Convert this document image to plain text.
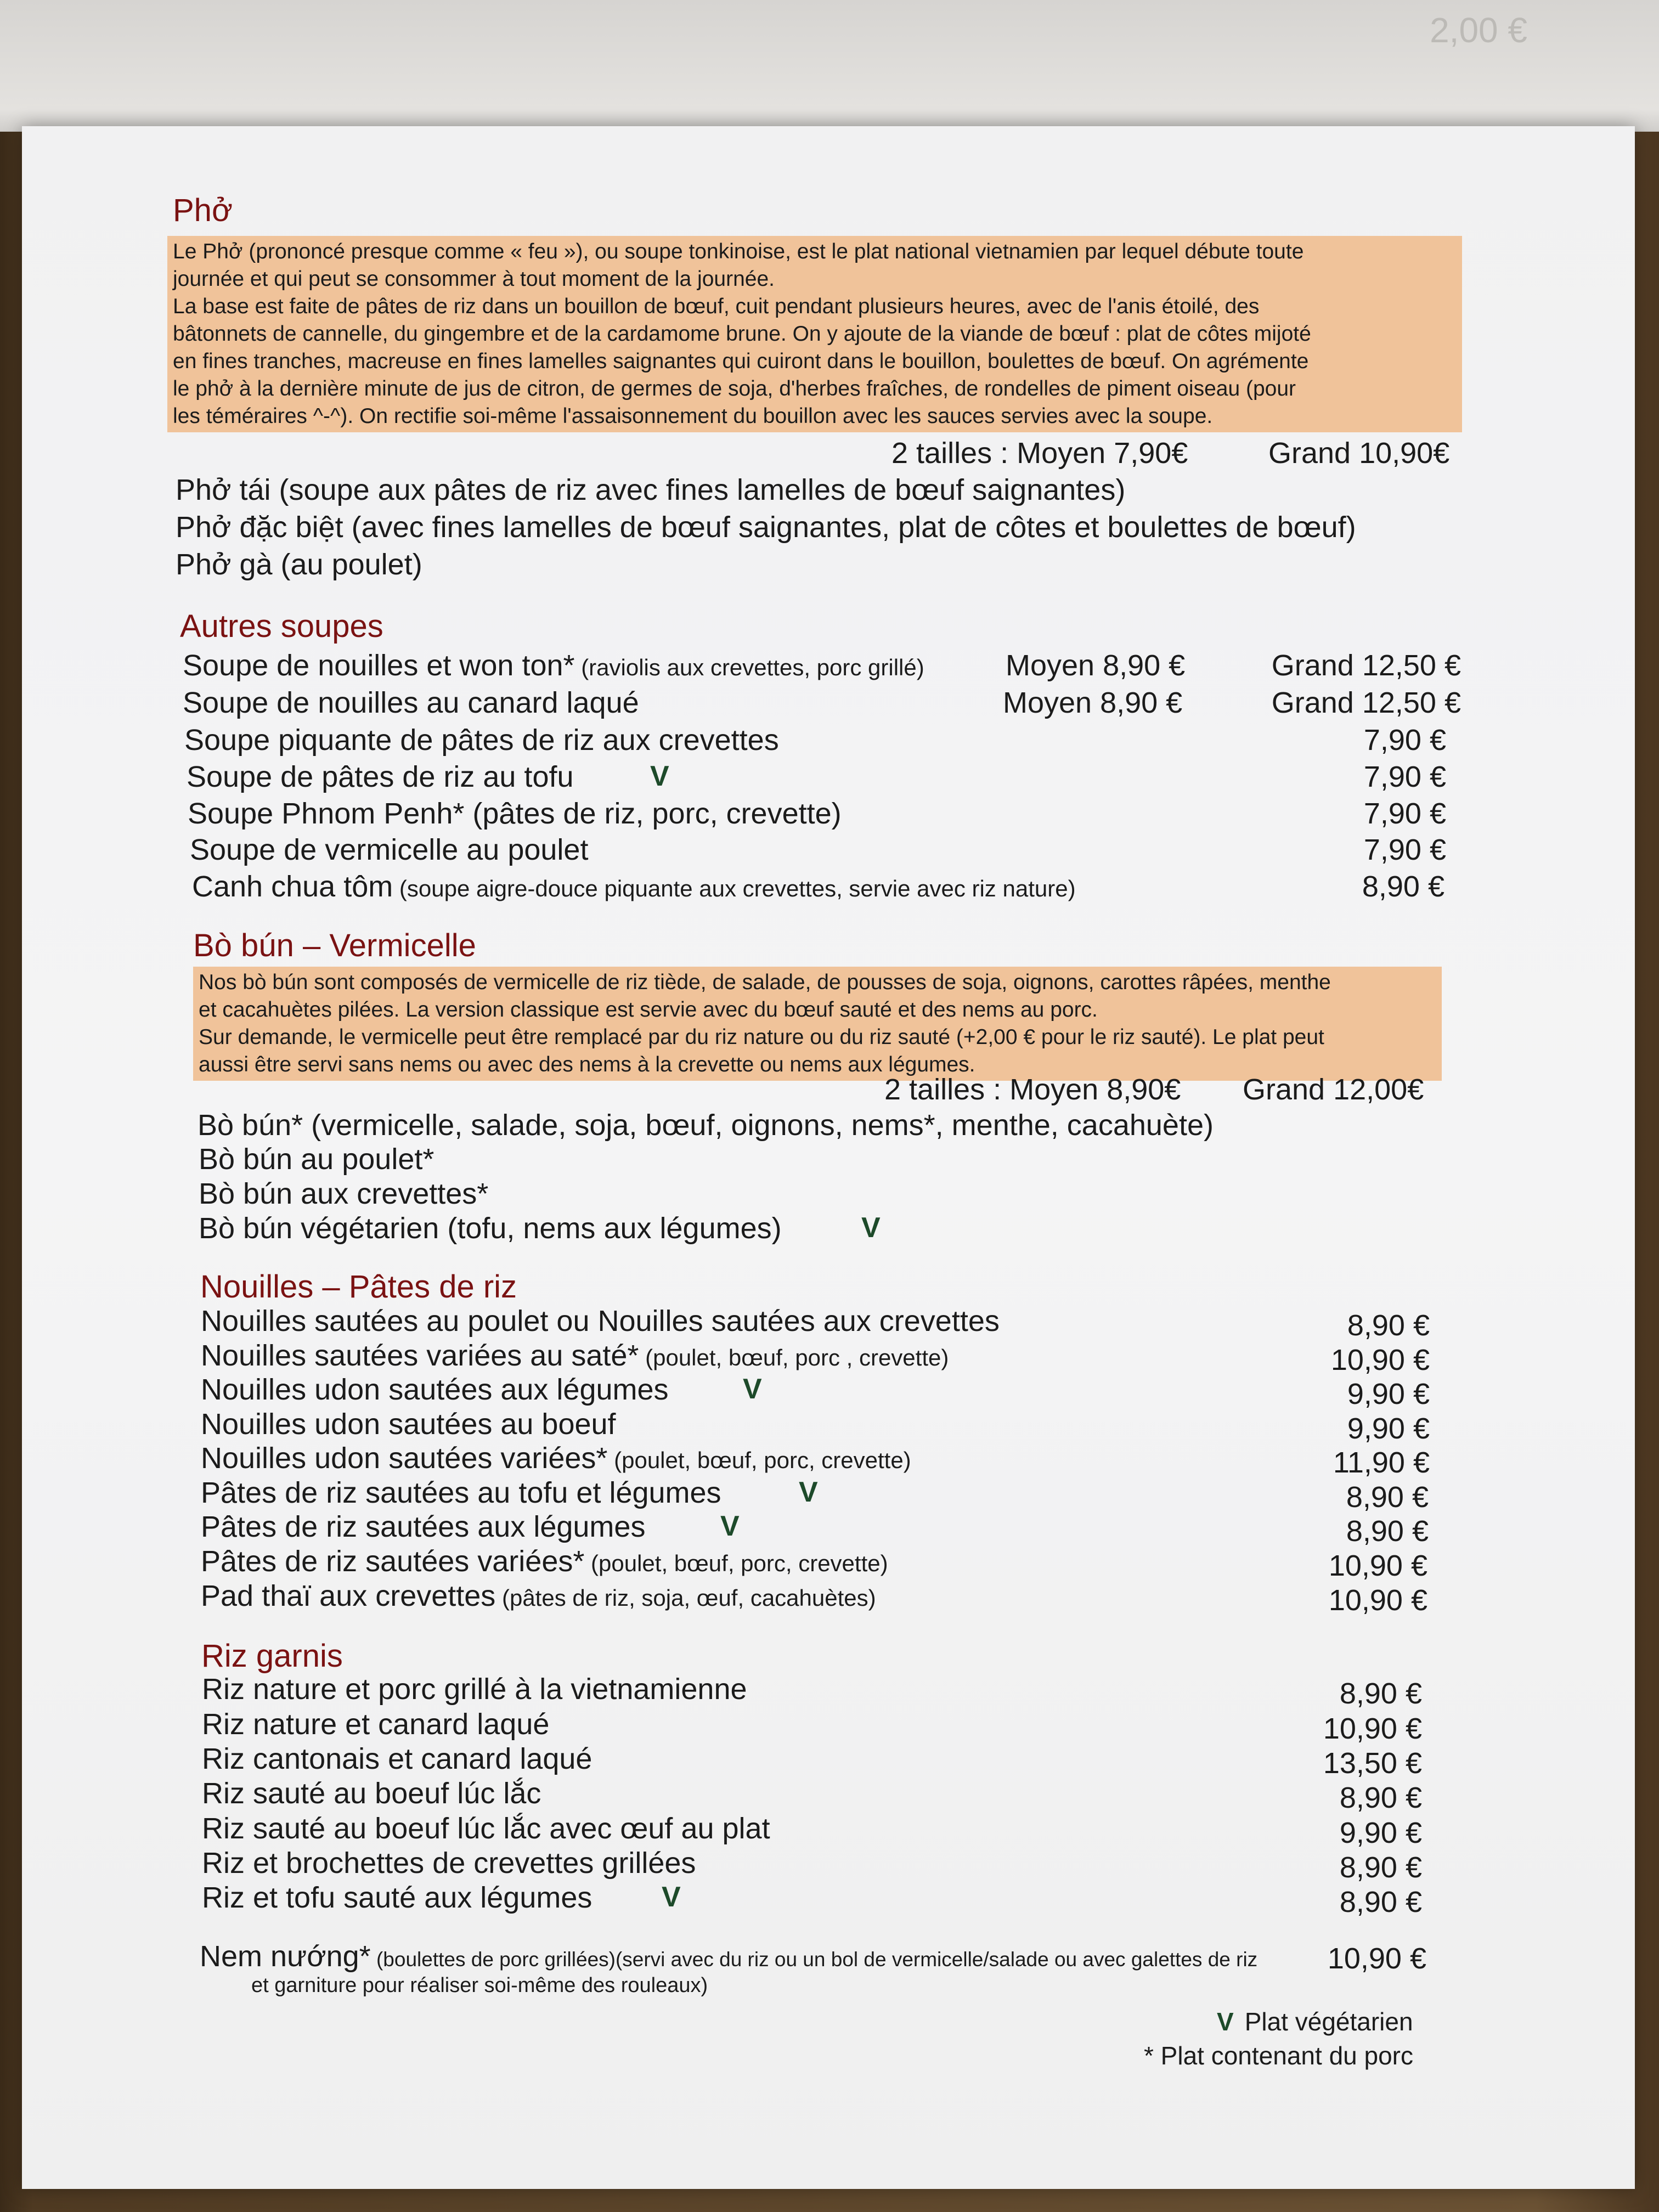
2,00 €
Phở

Le Phở (prononcé presque comme « feu »), ou soupe tonkinoise, est le plat national vietnamien par lequel débute toute

journée et qui peut se consommer à tout moment de la journée.

La base est faite de pâtes de riz dans un bouillon de bœuf, cuit pendant plusieurs heures, avec de l'anis étoilé, des

bâtonnets de cannelle, du gingembre et de la cardamome brune. On y ajoute de la viande de bœuf : plat de côtes mijoté

en fines tranches, macreuse en fines lamelles saignantes qui cuiront dans le bouillon, boulettes de bœuf. On agrémente

le phở à la dernière minute de jus de citron, de germes de soja, d'herbes fraîches, de rondelles de piment oiseau (pour

les téméraires ^-^). On rectifie soi-même l'assaisonnement du bouillon avec les sauces servies avec la soupe.

2 tailles : Moyen 7,90€	Grand 10,90€
Phở tái (soupe aux pâtes de riz avec fines lamelles de bœuf saignantes)
Phở đặc biệt (avec fines lamelles de bœuf saignantes, plat de côtes et boulettes de bœuf)
Phở gà (au poulet)
Autres soupes
Soupe de nouilles et won ton* (raviolis aux crevettes, porc grillé)	Moyen 8,90 €	Grand 12,50 €
Soupe de nouilles au canard laqué	Moyen 8,90 €	Grand 12,50 €
Soupe piquante de pâtes de riz aux crevettes	7,90 €
Soupe de pâtes de riz au tofu	V	7,90 €
Soupe Phnom Penh* (pâtes de riz, porc, crevette)	7,90 €
Soupe de vermicelle au poulet	7,90 €
Canh chua tôm (soupe aigre-douce piquante aux crevettes, servie avec riz nature)	8,90 €
Bò bún – Vermicelle

Nos bò bún sont composés de vermicelle de riz tiède, de salade, de pousses de soja, oignons, carottes râpées, menthe

et cacahuètes pilées. La version classique est servie avec du bœuf sauté et des nems au porc.

Sur demande, le vermicelle peut être remplacé par du riz nature ou du riz sauté (+2,00 € pour le riz sauté). Le plat peut

aussi être servi sans nems ou avec des nems à la crevette ou nems aux légumes.

2 tailles : Moyen 8,90€ Grand 12,00€
Bò bún* (vermicelle, salade, soja, bœuf, oignons, nems*, menthe, cacahuète)
Bò bún au poulet*
Bò bún aux crevettes*
Bò bún végétarien (tofu, nems aux légumes)	V
Nouilles – Pâtes de riz
Nouilles sautées au poulet ou Nouilles sautées aux crevettes	8,90 €
Nouilles sautées variées au saté* (poulet, bœuf, porc , crevette)	10,90 €
Nouilles udon sautées aux légumes	V	9,90 €
Nouilles udon sautées au boeuf	9,90 €
Nouilles udon sautées variées* (poulet, bœuf, porc, crevette)	11,90 €
Pâtes de riz sautées au tofu et légumes	V	8,90 €
Pâtes de riz sautées aux légumes	V	8,90 €
Pâtes de riz sautées variées* (poulet, bœuf, porc, crevette)	10,90 €
Pad thaï aux crevettes (pâtes de riz, soja, œuf, cacahuètes)	10,90 €
Riz garnis
Riz nature et porc grillé à la vietnamienne	8,90 €
Riz nature et canard laqué	10,90 €
Riz cantonais et canard laqué	13,50 €
Riz sauté au boeuf lúc lắc	8,90 €
Riz sauté au boeuf lúc lắc avec œuf au plat	9,90 €
Riz et brochettes de crevettes grillées	8,90 €
Riz et tofu sauté aux légumes V	8,90 €
Nem nướng* (boulettes de porc grillées)(servi avec du riz ou un bol de vermicelle/salade ou avec galettes de riz 10,90 €
et garniture pour réaliser soi-même des rouleaux)
V Plat végétarien
* Plat contenant du porc
